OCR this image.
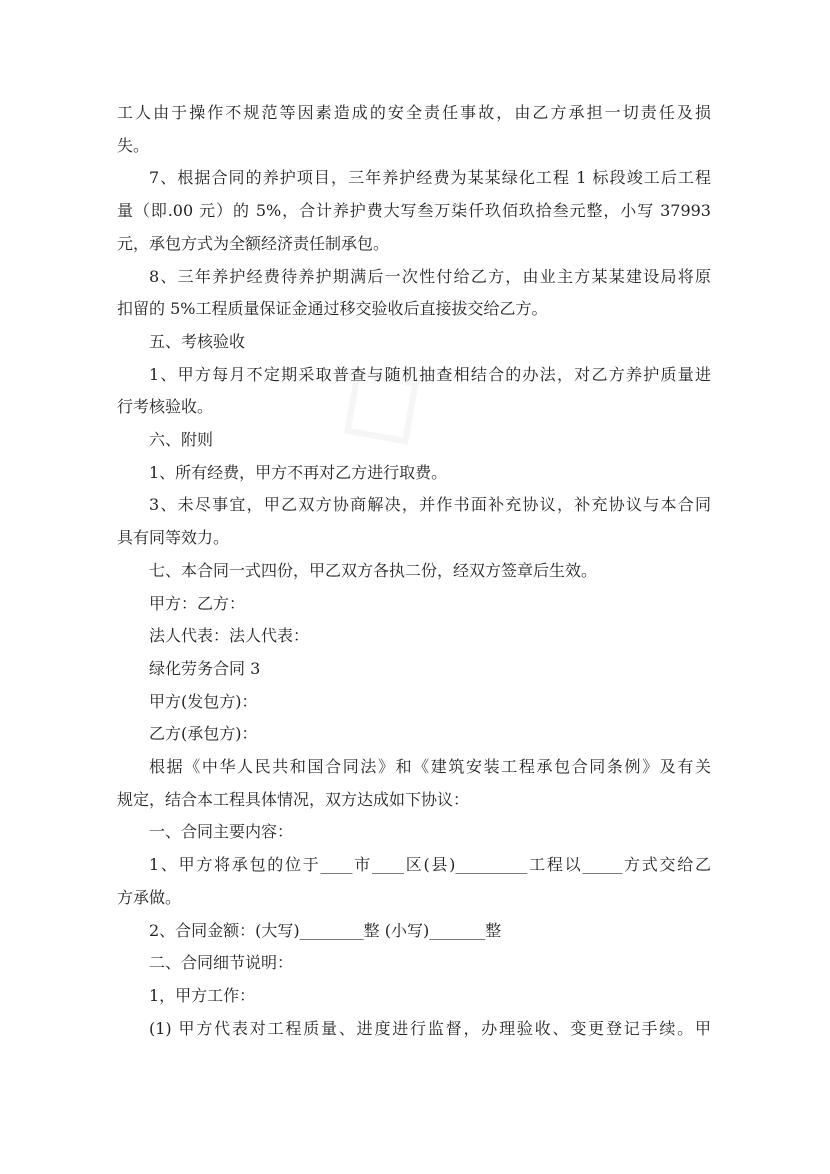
工人由于操作不规范等因素造成的安全责任事故，由乙方承担一切责任及损
失。
7、根据合同的养护项目，三年养护经费为某某绿化工程 1 标段竣工后工程
量（即.00 元）的 5%，合计养护费大写叁万柒仟玖佰玖拾叁元整，小写 37993
元，承包方式为全额经济责任制承包。
8、三年养护经费待养护期满后一次性付给乙方，由业主方某某建设局将原
扣留的 5%工程质量保证金通过移交验收后直接拔交给乙方。
五、考核验收
1、甲方每月不定期采取普查与随机抽查相结合的办法，对乙方养护质量进
行考核验收。
六、附则
1、所有经费，甲方不再对乙方进行取费。
3、未尽事宜，甲乙双方协商解决，并作书面补充协议，补充协议与本合同
具有同等效力。
七、本合同一式四份，甲乙双方各执二份，经双方签章后生效。
甲方：乙方：
法人代表：法人代表：
绿化劳务合同 3
甲方(发包方)：
乙方(承包方)：
根据《中华人民共和国合同法》和《建筑安装工程承包合同条例》及有关
规定，结合本工程具体情况，双方达成如下协议：
一、合同主要内容：
1、甲方将承包的位于____市____区(县)_________工程以_____方式交给乙
方承做。
2、合同金额：(大写)________整 (小写)_______整
二、合同细节说明：
1，甲方工作：
(1) 甲方代表对工程质量、进度进行监督，办理验收、变更登记手续。甲
